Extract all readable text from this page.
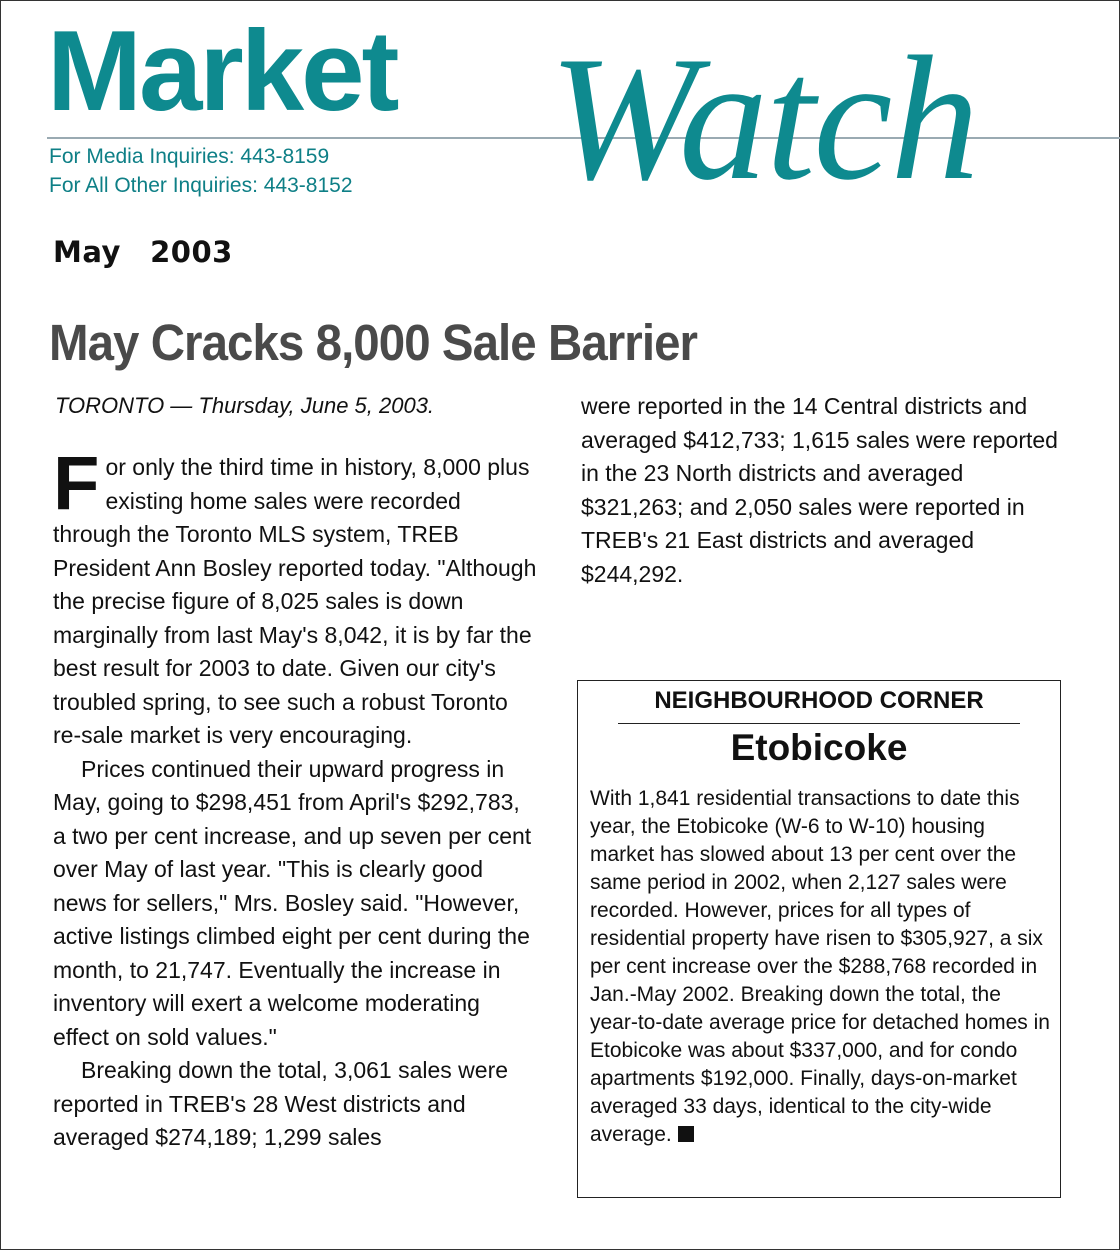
Market Watch
For Media Inquiries: 443-8159
For All Other Inquiries: 443-8152
May  2003
May Cracks 8,000 Sale Barrier
TORONTO — Thursday, June 5, 2003.

For only the third time in history, 8,000 plus existing home sales were recorded through the Toronto MLS system, TREB President Ann Bosley reported today. "Although the precise figure of 8,025 sales is down marginally from last May's 8,042, it is by far the best result for 2003 to date. Given our city's troubled spring, to see such a robust Toronto re-sale market is very encouraging.

Prices continued their upward progress in May, going to $298,451 from April's $292,783, a two per cent increase, and up seven per cent over May of last year. "This is clearly good news for sellers," Mrs. Bosley said. "However, active listings climbed eight per cent during the month, to 21,747. Eventually the increase in inventory will exert a welcome moderating effect on sold values."

Breaking down the total, 3,061 sales were reported in TREB's 28 West districts and averaged $274,189; 1,299 sales

were reported in the 14 Central districts and averaged $412,733; 1,615 sales were reported in the 23 North districts and averaged $321,263; and 2,050 sales were reported in TREB's 21 East districts and averaged $244,292.

NEIGHBOURHOOD CORNER
Etobicoke
With 1,841 residential transactions to date this year, the Etobicoke (W-6 to W-10) housing market has slowed about 13 per cent over the same period in 2002, when 2,127 sales were recorded. However, prices for all types of residential property have risen to $305,927, a six per cent increase over the $288,768 recorded in Jan.-May 2002. Breaking down the total, the year-to-date average price for detached homes in Etobicoke was about $337,000, and for condo apartments $192,000. Finally, days-on-market averaged 33 days, identical to the city-wide average.
